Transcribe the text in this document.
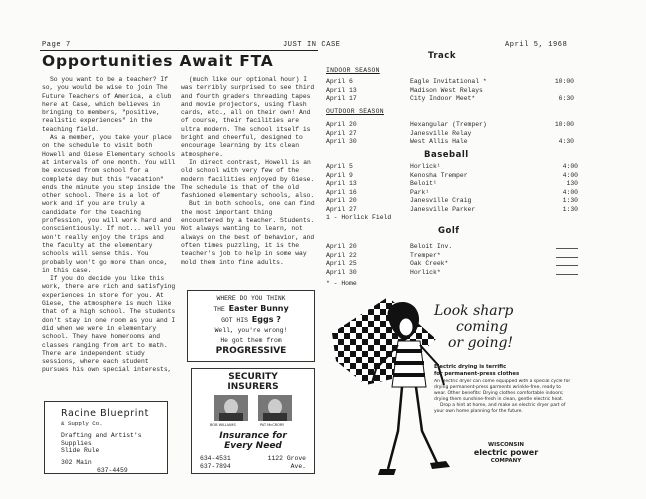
Page 7	JUST IN CASE	April 5, 1968
Opportunities Await FTA

So you want to be a teacher? If so, you would be wise to join The Future Teachers of America, a club here at Case, which believes in bringing to members, "positive, realistic experiences" in the teaching field.

As a member, you take your place on the schedule to visit both Howell and Giese Elementary schools at intervals of one month. You will be excused from school for a complete day but this "vacation" ends the minute you step inside the other school. There is a lot of work and if you are truly a candidate for the teaching profession, you will work hard and conscientiously. If not... well you won't really enjoy the trips and the faculty at the elementary schools will sense this. You probably won't go more than once, in this case.

If you do decide you like this work, there are rich and satisfying experiences in store for you. At Giese, the atmosphere is much like that of a high school. The students don't stay in one room as you and I did when we were in elementary school. They have homerooms and classes ranging from art to math. There are independent study sessions, where each student pursues his own special interests,

(much like our optional hour) I was terribly surprised to see third and fourth graders threading tapes and movie projectors, using flash cards, etc., all on their own! And of course, their facilities are ultra modern. The school itself is bright and cheerful, designed to encourage learning by its clean atmosphere.

In direct contrast, Howell is an old school with very few of the modern facilities enjoyed by Giese. The schedule is that of the old fashioned elementary schools, also.

But in both schools, one can find the most important thing encountered by a teacher. Students. Not always wanting to learn, not always on the best of behavior, and often times puzzling, it is the teacher's job to help in some way mold them into fine adults.

WHERE DO YOU THINK
THE Easter Bunny
GOT HIS Eggs ?
Well, you're wrong!
He got them from
PROGRESSIVE
SECURITY
INSURERS
BOB WILLIAMS	PAT McCRORY
Insurance for
Every Need
634-4531
637-7894
1122 Grove
Ave.
Racine Blueprint
& Supply Co.
Drafting and Artist's
Supplies
Slide Rule
302 Main
637-4459
Track
INDOOR SEASON
April 6	Eagle Invitational *	10:00
April 13	Madison West Relays
April 17	City Indoor Meet*	6:30
OUTDOOR SEASON
April 20	Hexangular (Tremper)	10:00
April 27	Janesville Relay
April 30	West Allis Hale	4:30
Baseball
April 5	Horlick¹	4:00
April 9	Kenosha Tremper	4:00
April 13	Beloit¹	130
April 16	Park¹	4:00
April 20	Janesville Craig	1:30
April 27	Janesville Parker	1:30
1 - Horlick Field
Golf
April 20	Beloit Inv.
April 22	Tremper*
April 25	Oak Creek*
April 30	Horlick*
* - Home
Look sharp
coming
or going!
Electric drying is terrific
for permanent-press clothes
An electric dryer can come equipped with a special cycle for drying permanent-press garments wrinkle-free, ready to wear. Other benefits: Drying clothes comfortable indoors; drying them sunshine-fresh in clean, gentle electric heat.
Drop a hint at home, and make an electric dryer part of your own home planning for the future.
WISCONSIN
electric power
COMPANY
